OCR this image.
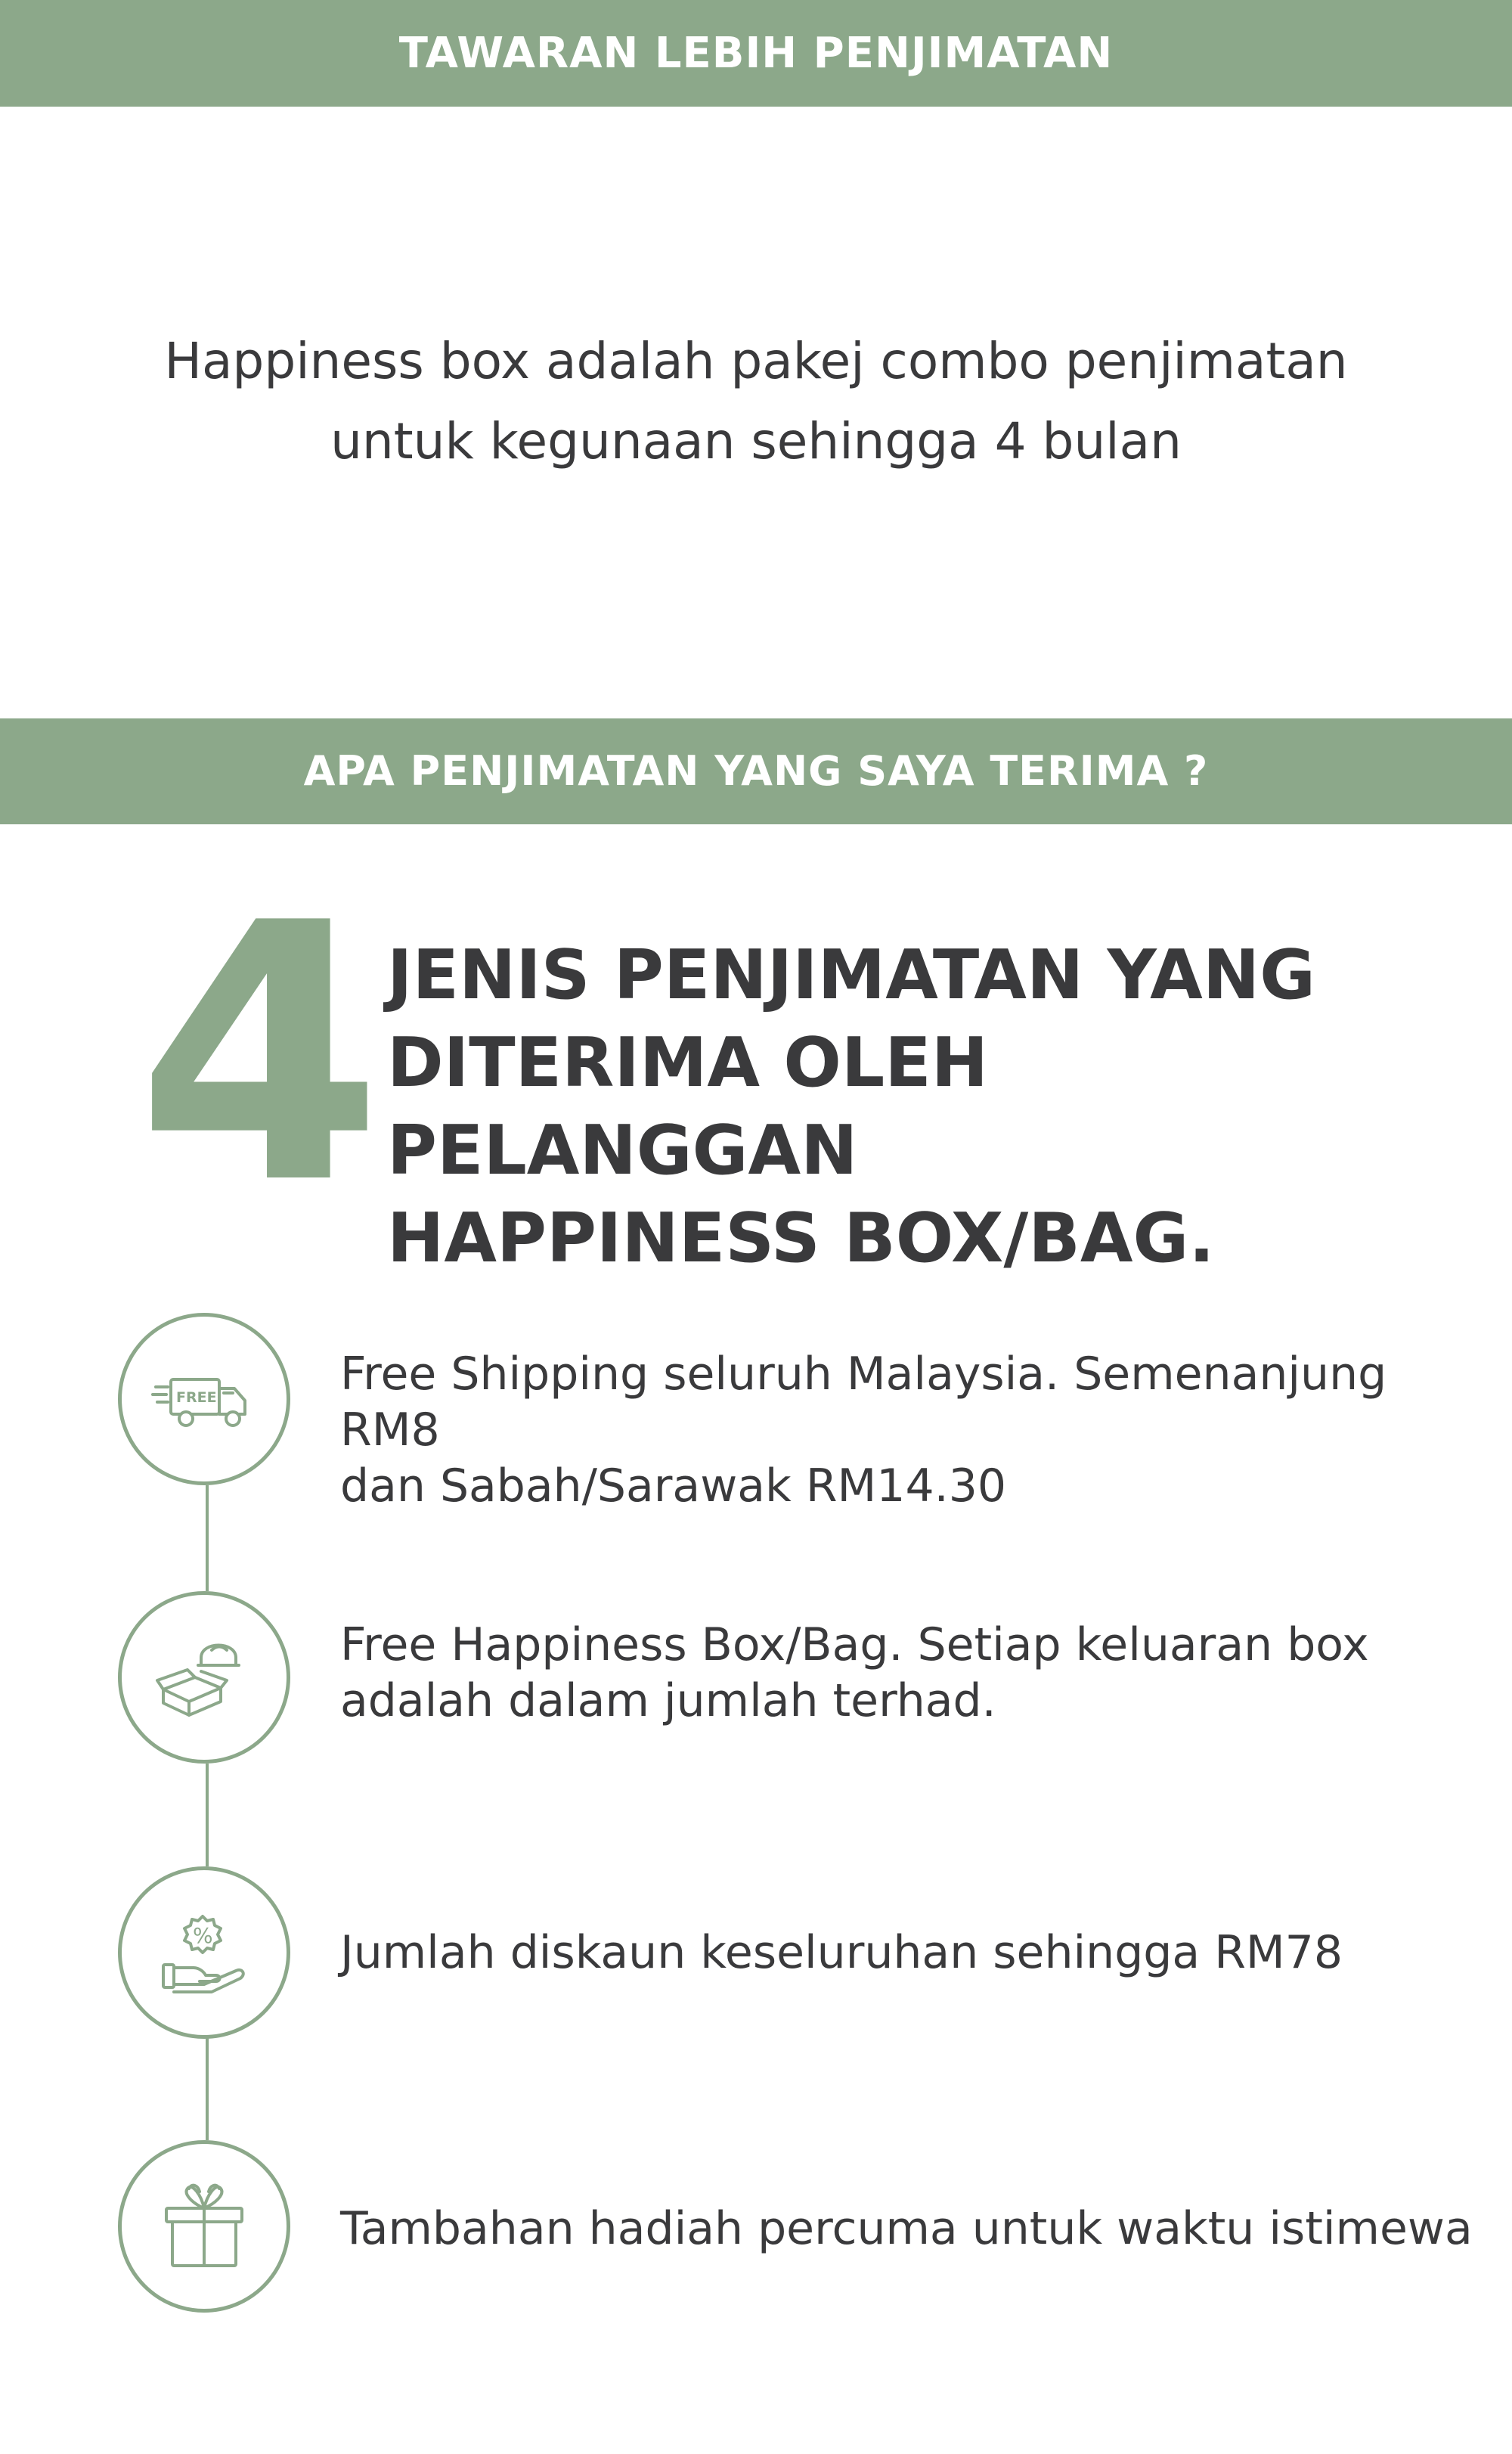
TAWARAN LEBIH PENJIMATAN
Happiness box adalah pakej combo penjimatan
untuk kegunaan sehingga 4 bulan
APA PENJIMATAN YANG SAYA TERIMA ?
4 JENIS PENJIMATAN YANG
DITERIMA OLEH PELANGGAN
HAPPINESS BOX/BAG.
FREE	Free Shipping seluruh Malaysia. Semenanjung RM8
dan Sabah/Sarawak RM14.30
Free Happiness Box/Bag. Setiap keluaran box
adalah dalam jumlah terhad.
%	Jumlah diskaun keseluruhan sehingga RM78
Tambahan hadiah percuma untuk waktu istimewa
